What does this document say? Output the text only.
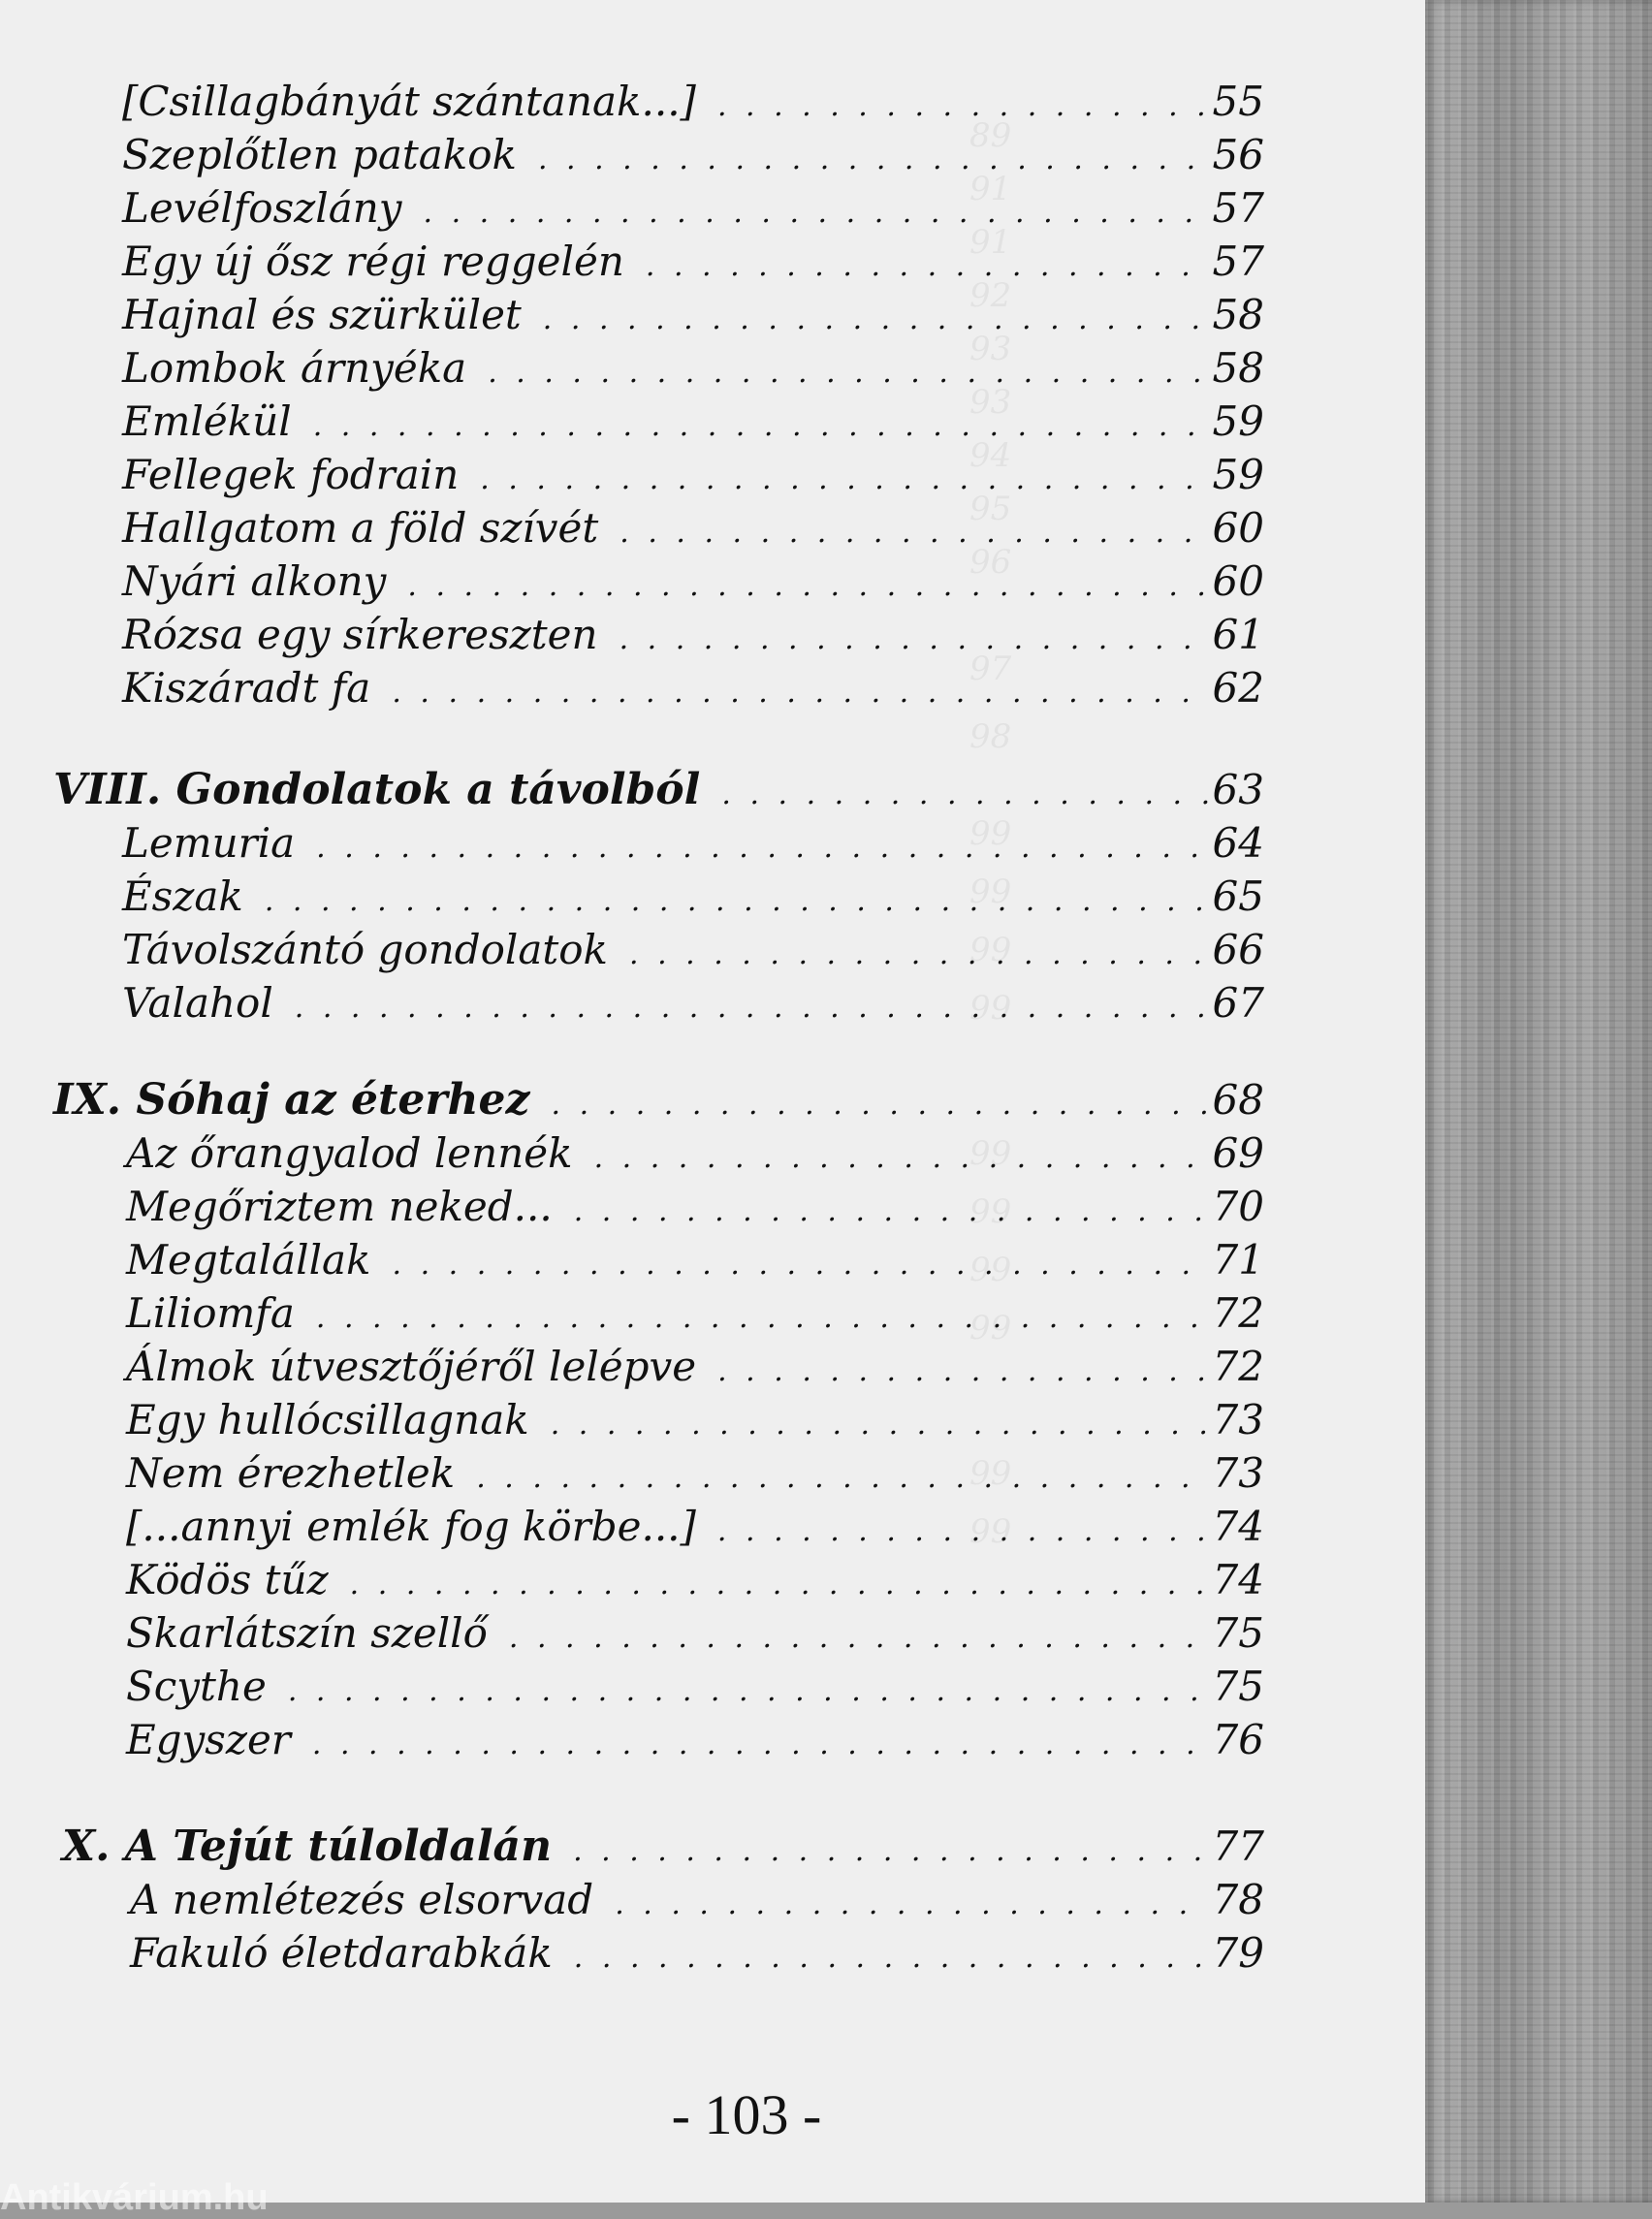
89
91
91
92
93
93
94
95
96
97
98
99
99
99
99
99
99
99
99
99
99
[Csillagbányát szántanak...] . . .	55
Szeplőtlen patakok . . .	56
Levélfoszlány . . .	57
Egy új ősz régi reggelén . . .	57
Hajnal és szürkület . . .	58
Lombok árnyéka . . .	58
Emlékül . . .	59
Fellegek fodrain . . .	59
Hallgatom a föld szívét . . .	60
Nyári alkony . . .	60
Rózsa egy sírkereszten . . .	61
Kiszáradt fa . . .	62
VIII. Gondolatok a távolból . . .	63
Lemuria . . .	64
Észak . . .	65
Távolszántó gondolatok . . .	66
Valahol . . .	67
IX. Sóhaj az éterhez . . .	68
Az őrangyalod lennék . . .	69
Megőriztem neked... . . .	70
Megtalállak . . .	71
Liliomfa . . .	72
Álmok útvesztőjéről lelépve . . .	72
Egy hullócsillagnak . . .	73
Nem érezhetlek . . .	73
[...annyi emlék fog körbe...] . . .	74
Ködös tűz . . .	74
Skarlátszín szellő . . .	75
Scythe . . .	75
Egyszer . . .	76
X. A Tejút túloldalán . . .	77
A nemlétezés elsorvad . . .	78
Fakuló életdarabkák . . .	79
- 103 -
Antikvárium.hu
